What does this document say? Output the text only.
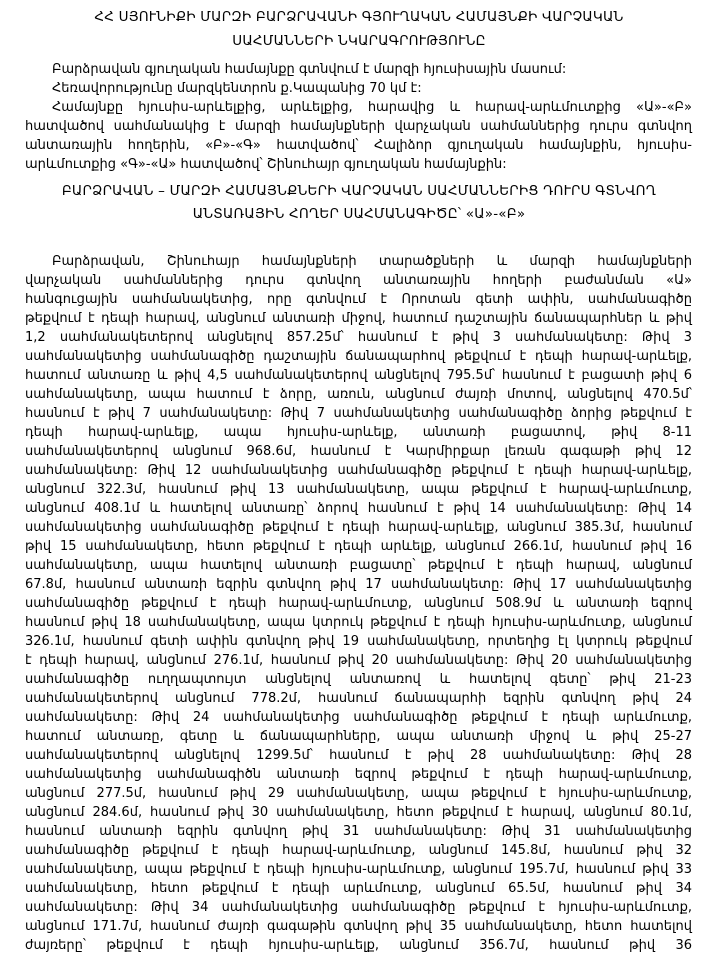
ՀՀ ՍՅՈՒՆԻՔԻ ՄԱՐԶԻ ԲԱՐՁՐԱՎԱՆԻ ԳՅՈՒՂԱԿԱՆ ՀԱՄԱՅՆՔԻ ՎԱՐՉԱԿԱՆ
ՍԱՀՄԱՆՆԵՐԻ ՆԿԱՐԱԳՐՈՒԹՅՈՒՆԸ
Բարձրավան գյուղական համայնքը գտնվում է մարզի հյուսիսային մասում:
Հեռավորությունը մարզկենտրոն ք.Կապանից 70 կմ է:
Համայնքը հյուսիս-արևելքից, արևելքից, հարավից և հարավ-արևմուտքից «Ա»-«Բ»
հատվածով սահմանակից է մարզի համայնքների վարչական սահմաններից դուրս գտնվող
անտառային հողերին, «Բ»-«Գ» հատվածով՝ Հալիձոր գյուղական համայնքին, հյուսիս-
արևմուտքից «Գ»-«Ա» հատվածով՝ Շինուհայր գյուղական համայնքին:
ԲԱՐՁՐԱՎԱՆ – ՄԱՐԶԻ ՀԱՄԱՅՆՔՆԵՐԻ ՎԱՐՉԱԿԱՆ ՍԱՀՄԱՆՆԵՐԻՑ ԴՈՒՐՍ ԳՏՆՎՈՂ
ԱՆՏԱՌԱՅԻՆ ՀՈՂԵՐ ՍԱՀՄԱՆԱԳԻԾԸ՝ «Ա»-«Բ»
Բարձրավան, Շինուհայր համայնքների տարածքների և մարզի համայնքների
վարչական սահմաններից դուրս գտնվող անտառային հողերի բաժանման «Ա»
հանգուցային սահմանակետից, որը գտնվում է Որոտան գետի ափին, սահմանագիծը
թեքվում է դեպի հարավ, անցնում անտառի միջով, հատում դաշտային ճանապարհներ և թիվ
1,2 սահմանակետերով անցնելով 857.25մ՝ հասնում է թիվ 3 սահմանակետը: Թիվ 3
սահմանակետից սահմանագիծը դաշտային ճանապարհով թեքվում է դեպի հարավ-արևելք,
հատում անտառը և թիվ 4,5 սահմանակետերով անցնելով 795.5մ՝ հասնում է բացատի թիվ 6
սահմանակետը, ապա հատում է ձորը, առուն, անցնում ժայռի մոտով, անցնելով 470.5մ՝
հասնում է թիվ 7 սահմանակետը: Թիվ 7 սահմանակետից սահմանագիծը ձորից թեքվում է
դեպի հարավ-արևելք, ապա հյուսիս-արևելք, անտառի բացատով, թիվ 8-11
սահմանակետերով անցնում 968.6մ, հասնում է Կարմիրքար լեռան գագաթի թիվ 12
սահմանակետը: Թիվ 12 սահմանակետից սահմանագիծը թեքվում է դեպի հարավ-արևելք,
անցնում 322.3մ, հասնում թիվ 13 սահմանակետը, ապա թեքվում է հարավ-արևմուտք,
անցնում 408.1մ և հատելով անտառը՝ ձորով հասնում է թիվ 14 սահմանակետը: Թիվ 14
սահմանակետից սահմանագիծը թեքվում է դեպի հարավ-արևելք, անցնում 385.3մ, հասնում
թիվ 15 սահմանակետը, հետո թեքվում է դեպի արևելք, անցնում 266.1մ, հասնում թիվ 16
սահմանակետը, ապա հատելով անտառի բացատը՝ թեքվում է դեպի հարավ, անցնում
67.8մ, հասնում անտառի եզրին գտնվող թիվ 17 սահմանակետը: Թիվ 17 սահմանակետից
սահմանագիծը թեքվում է դեպի հարավ-արևմուտք, անցնում 508.9մ և անտառի եզրով
հասնում թիվ 18 սահմանակետը, ապա կտրուկ թեքվում է դեպի հյուսիս-արևմուտք, անցնում
326.1մ, հասնում գետի ափին գտնվող թիվ 19 սահմանակետը, որտեղից էլ կտրուկ թեքվում
է դեպի հարավ, անցնում 276.1մ, հասնում թիվ 20 սահմանակետը: Թիվ 20 սահմանակետից
սահմանագիծը ուղղապտույտ անցնելով անտառով և հատելով գետը՝ թիվ 21-23
սահմանակետերով անցնում 778.2մ, հասնում ճանապարհի եզրին գտնվող թիվ 24
սահմանակետը: Թիվ 24 սահմանակետից սահմանագիծը թեքվում է դեպի արևմուտք,
հատում անտառը, գետը և ճանապարհները, ապա անտառի միջով և թիվ 25-27
սահմանակետերով անցնելով 1299.5մ՝ հասնում է թիվ 28 սահմանակետը: Թիվ 28
սահմանակետից սահմանագիծն անտառի եզրով թեքվում է դեպի հարավ-արևմուտք,
անցնում 277.5մ, հասնում թիվ 29 սահմանակետը, ապա թեքվում է հյուսիս-արևմուտք,
անցնում 284.6մ, հասնում թիվ 30 սահմանակետը, հետո թեքվում է հարավ, անցնում 80.1մ,
հասնում անտառի եզրին գտնվող թիվ 31 սահմանակետը: Թիվ 31 սահմանակետից
սահմանագիծը թեքվում է դեպի հարավ-արևմուտք, անցնում 145.8մ, հասնում թիվ 32
սահմանակետը, ապա թեքվում է դեպի հյուսիս-արևմուտք, անցնում 195.7մ, հասնում թիվ 33
սահմանակետը, հետո թեքվում է դեպի արևմուտք, անցնում 65.5մ, հասնում թիվ 34
սահմանակետը: Թիվ 34 սահմանակետից սահմանագիծը թեքվում է հյուսիս-արևմուտք,
անցնում 171.7մ, հասնում ժայռի գագաթին գտնվող թիվ 35 սահմանակետը, հետո հատելով
ժայռերը՝ թեքվում է դեպի հյուսիս-արևելք, անցնում 356.7մ, հասնում թիվ 36
